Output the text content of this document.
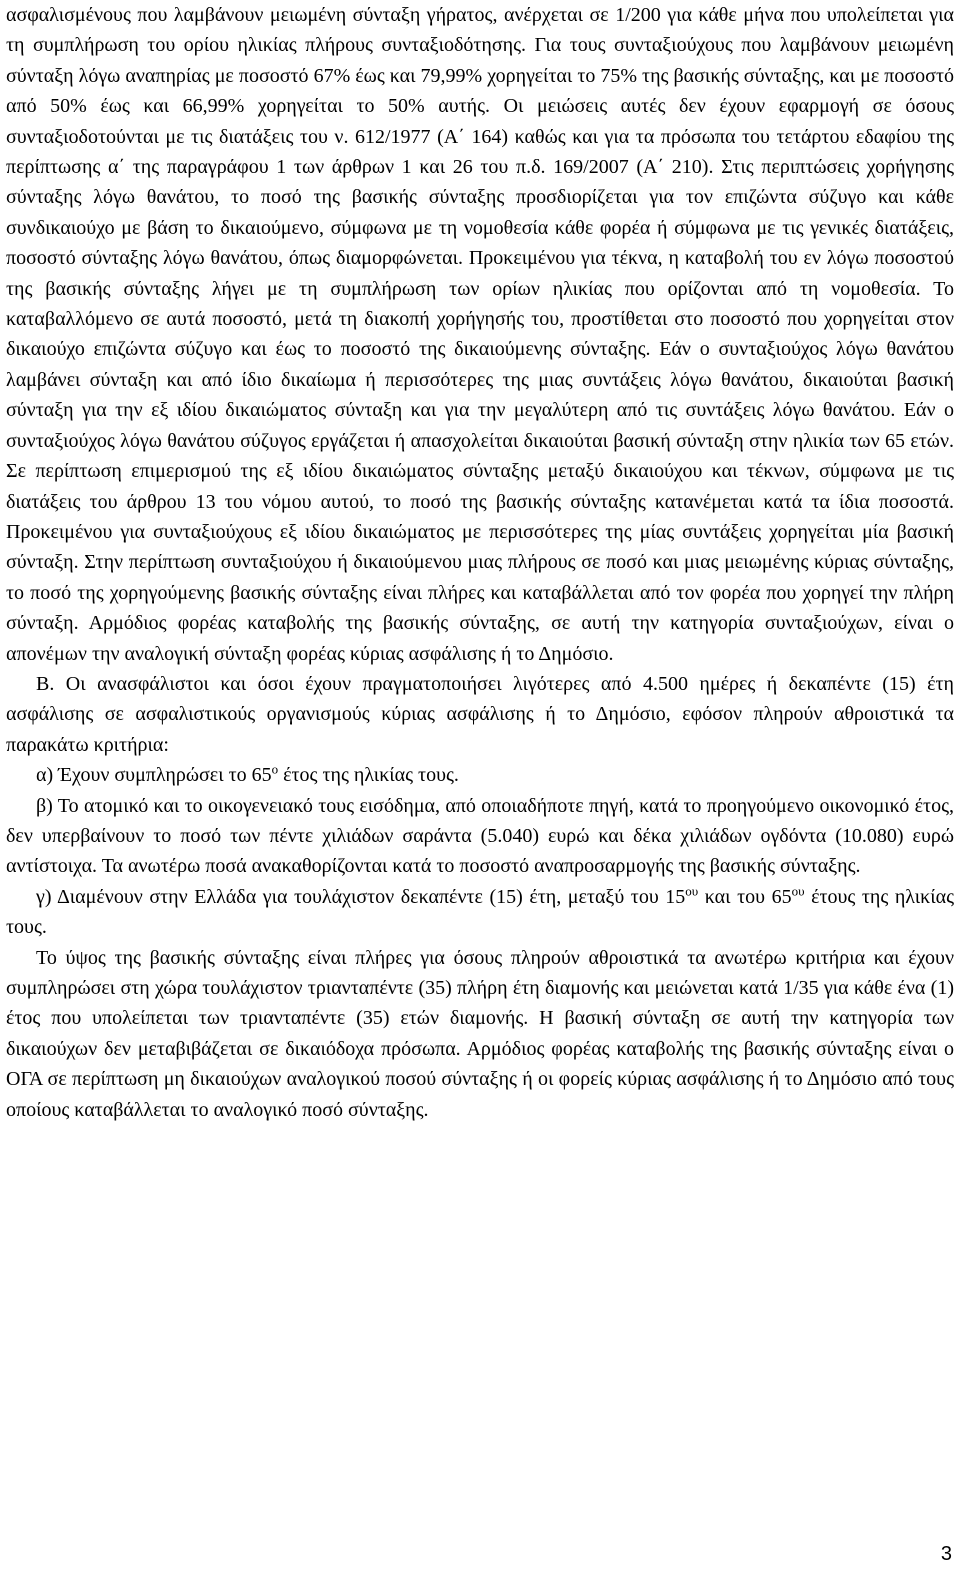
ασφαλισμένους που λαμβάνουν μειωμένη σύνταξη γήρατος, ανέρχεται σε 1/200 για κάθε μήνα που υπολείπεται για τη συμπλήρωση του ορίου ηλικίας πλήρους συνταξιοδότησης. Για τους συνταξιούχους που λαμβάνουν μειωμένη σύνταξη λόγω αναπηρίας με ποσοστό 67% έως και 79,99% χορηγείται το 75% της βασικής σύνταξης, και με ποσοστό από 50% έως και 66,99% χορηγείται το 50% αυτής. Οι μειώσεις αυτές δεν έχουν εφαρμογή σε όσους συνταξιοδοτούνται με τις διατάξεις του ν. 612/1977 (Α΄ 164) καθώς και για τα πρόσωπα του τετάρτου εδαφίου της περίπτωσης α΄ της παραγράφου 1 των άρθρων 1 και 26 του π.δ. 169/2007 (Α΄ 210). Στις περιπτώσεις χορήγησης σύνταξης λόγω θανάτου, το ποσό της βασικής σύνταξης προσδιορίζεται για τον επιζώντα σύζυγο και κάθε συνδικαιούχο με βάση το δικαιούμενο, σύμφωνα με τη νομοθεσία κάθε φορέα ή σύμφωνα με τις γενικές διατάξεις, ποσοστό σύνταξης λόγω θανάτου, όπως διαμορφώνεται. Προκειμένου για τέκνα, η καταβολή του εν λόγω ποσοστού της βασικής σύνταξης λήγει με τη συμπλήρωση των ορίων ηλικίας που ορίζονται από τη νομοθεσία. Το καταβαλλόμενο σε αυτά ποσοστό, μετά τη διακοπή χορήγησής του, προστίθεται στο ποσοστό που χορηγείται στον δικαιούχο επιζώντα σύζυγο και έως το ποσοστό της δικαιούμενης σύνταξης. Εάν ο συνταξιούχος λόγω θανάτου λαμβάνει σύνταξη και από ίδιο δικαίωμα ή περισσότερες της μιας συντάξεις λόγω θανάτου, δικαιούται βασική σύνταξη για την εξ ιδίου δικαιώματος σύνταξη και για την μεγαλύτερη από τις συντάξεις λόγω θανάτου. Εάν ο συνταξιούχος λόγω θανάτου σύζυγος εργάζεται ή απασχολείται δικαιούται βασική σύνταξη στην ηλικία των 65 ετών. Σε περίπτωση επιμερισμού της εξ ιδίου δικαιώματος σύνταξης μεταξύ δικαιούχου και τέκνων, σύμφωνα με τις διατάξεις του άρθρου 13 του νόμου αυτού, το ποσό της βασικής σύνταξης κατανέμεται κατά τα ίδια ποσοστά. Προκειμένου για συνταξιούχους εξ ιδίου δικαιώματος με περισσότερες της μίας συντάξεις χορηγείται μία βασική σύνταξη. Στην περίπτωση συνταξιούχου ή δικαιούμενου μιας πλήρους σε ποσό και μιας μειωμένης κύριας σύνταξης, το ποσό της χορηγούμενης βασικής σύνταξης είναι πλήρες και καταβάλλεται από τον φορέα που χορηγεί την πλήρη σύνταξη. Αρμόδιος φορέας καταβολής της βασικής σύνταξης, σε αυτή την κατηγορία συνταξιούχων, είναι ο απονέμων την αναλογική σύνταξη φορέας κύριας ασφάλισης ή το Δημόσιο.

Β. Οι ανασφάλιστοι και όσοι έχουν πραγματοποιήσει λιγότερες από 4.500 ημέρες ή δεκαπέντε (15) έτη ασφάλισης σε ασφαλιστικούς οργανισμούς κύριας ασφάλισης ή το Δημόσιο, εφόσον πληρούν αθροιστικά τα παρακάτω κριτήρια:

α) Έχουν συμπληρώσει το $65^o$ έτος της ηλικίας τους.

β) Το ατομικό και το οικογενειακό τους εισόδημα, από οποιαδήποτε πηγή, κατά το προηγούμενο οικονομικό έτος, δεν υπερβαίνουν το ποσό των πέντε χιλιάδων σαράντα (5.040) ευρώ και δέκα χιλιάδων ογδόντα (10.080) ευρώ αντίστοιχα. Τα ανωτέρω ποσά ανακαθορίζονται κατά το ποσοστό αναπροσαρμογής της βασικής σύνταξης.

γ) Διαμένουν στην Ελλάδα για τουλάχιστον δεκαπέντε (15) έτη, μεταξύ του $15^{o\upsilon}$ και του $65^{o\upsilon}$ έτους της ηλικίας τους.

Το ύψος της βασικής σύνταξης είναι πλήρες για όσους πληρούν αθροιστικά τα ανωτέρω κριτήρια και έχουν συμπληρώσει στη χώρα τουλάχιστον τριανταπέντε (35) πλήρη έτη διαμονής και μειώνεται κατά 1/35 για κάθε ένα (1) έτος που υπολείπεται των τριανταπέντε (35) ετών διαμονής. Η βασική σύνταξη σε αυτή την κατηγορία των δικαιούχων δεν μεταβιβάζεται σε δικαιόδοχα πρόσωπα. Αρμόδιος φορέας καταβολής της βασικής σύνταξης είναι ο ΟΓΑ σε περίπτωση μη δικαιούχων αναλογικού ποσού σύνταξης ή οι φορείς κύριας ασφάλισης ή το Δημόσιο από τους οποίους καταβάλλεται το αναλογικό ποσό σύνταξης.

3
